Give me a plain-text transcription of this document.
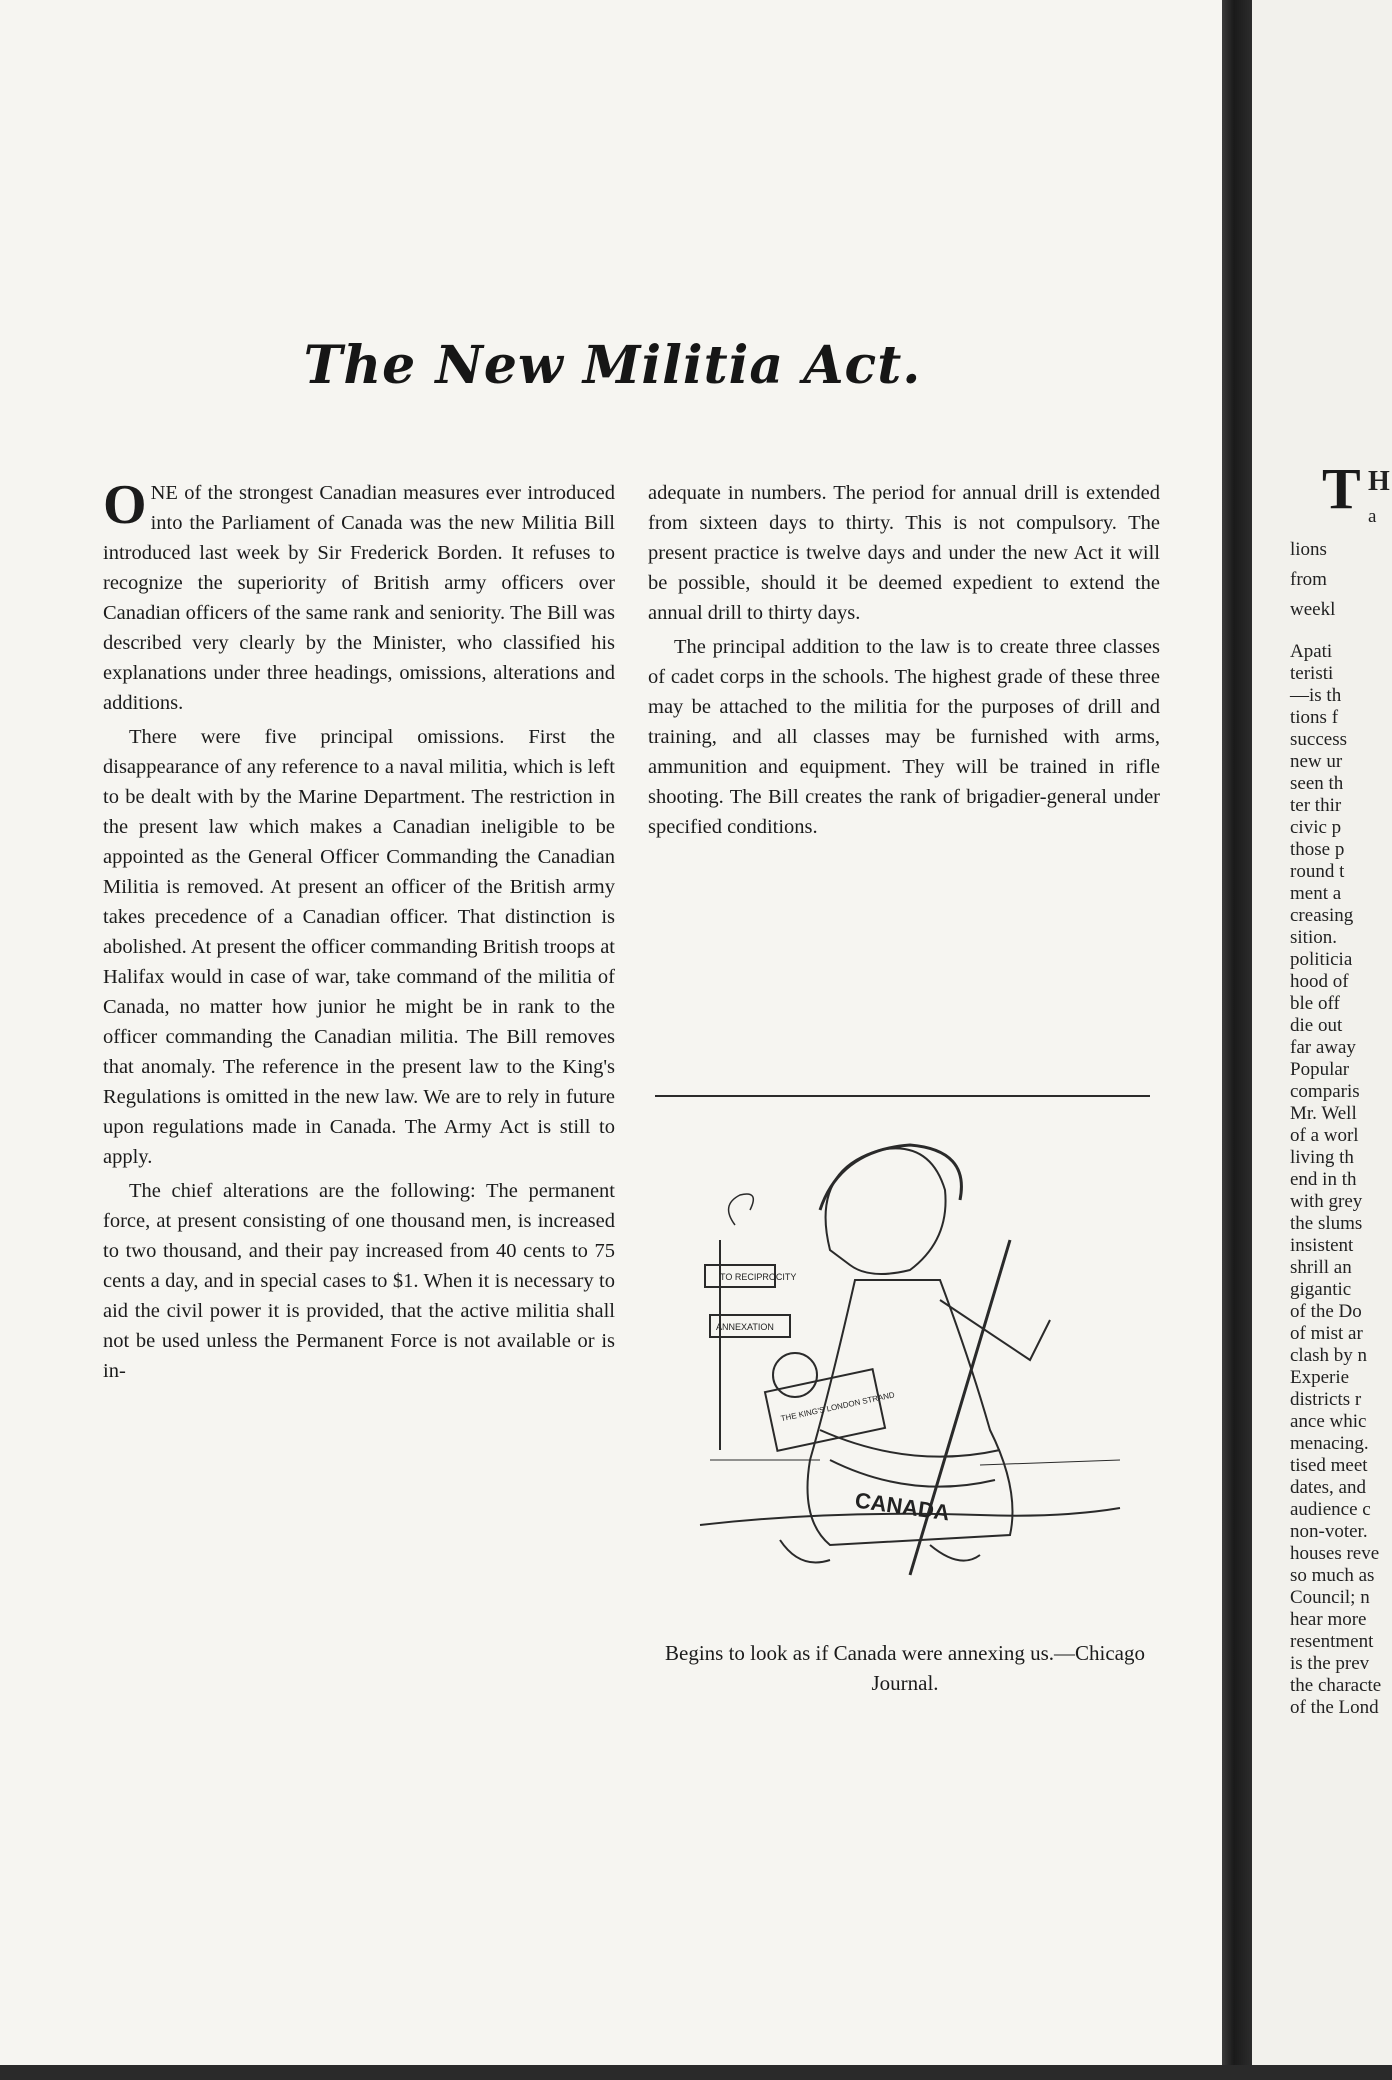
The New Militia Act.

ONE of the strongest Canadian measures ever introduced into the Parliament of Canada was the new Militia Bill introduced last week by Sir Frederick Borden. It refuses to recognize the superiority of British army officers over Canadian officers of the same rank and seniority. The Bill was described very clearly by the Minister, who classified his explanations under three headings, omissions, alterations and additions.

There were five principal omissions. First the disappearance of any reference to a naval militia, which is left to be dealt with by the Marine Department. The restriction in the present law which makes a Canadian ineligible to be appointed as the General Officer Commanding the Canadian Militia is removed. At present an officer of the British army takes precedence of a Canadian officer. That distinction is abolished. At present the officer commanding British troops at Halifax would in case of war, take command of the militia of Canada, no matter how junior he might be in rank to the officer commanding the Canadian militia. The Bill removes that anomaly. The reference in the present law to the King's Regulations is omitted in the new law. We are to rely in future upon regulations made in Canada. The Army Act is still to apply.

The chief alterations are the following: The permanent force, at present consisting of one thousand men, is increased to two thousand, and their pay increased from 40 cents to 75 cents a day, and in special cases to $1. When it is necessary to aid the civil power it is provided, that the active militia shall not be used unless the Permanent Force is not available or is in-

adequate in numbers. The period for annual drill is extended from sixteen days to thirty. This is not compulsory. The present practice is twelve days and under the new Act it will be possible, should it be deemed expedient to extend the annual drill to thirty days.

The principal addition to the law is to create three classes of cadet corps in the schools. The highest grade of these three may be attached to the militia for the purposes of drill and training, and all classes may be furnished with arms, ammunition and equipment. They will be trained in rifle shooting. The Bill creates the rank of brigadier-general under specified conditions.

TO RECIPROCITY
ANNEXATION
THE KING'S LONDON STRAND
CANADA
Begins to look as if Canada were annexing us.—Chicago Journal.
T H
a
lions
from
weekl
Apati
teristi
—is th
tions f
success
new ur
seen th
ter thir
civic p
those p
round t
ment a
creasing
sition.
politicia
hood of
ble off
die out
far away
Popular
comparis
Mr. Well
of a worl
living th
end in th
with grey
the slums
insistent
shrill an
gigantic
of the Do
of mist ar
clash by n
Experie
districts r
ance whic
menacing.
tised meet
dates, and
audience c
non-voter.
houses reve
so much as
Council; n
hear more
resentment
is the prev
the characte
of the Lond
